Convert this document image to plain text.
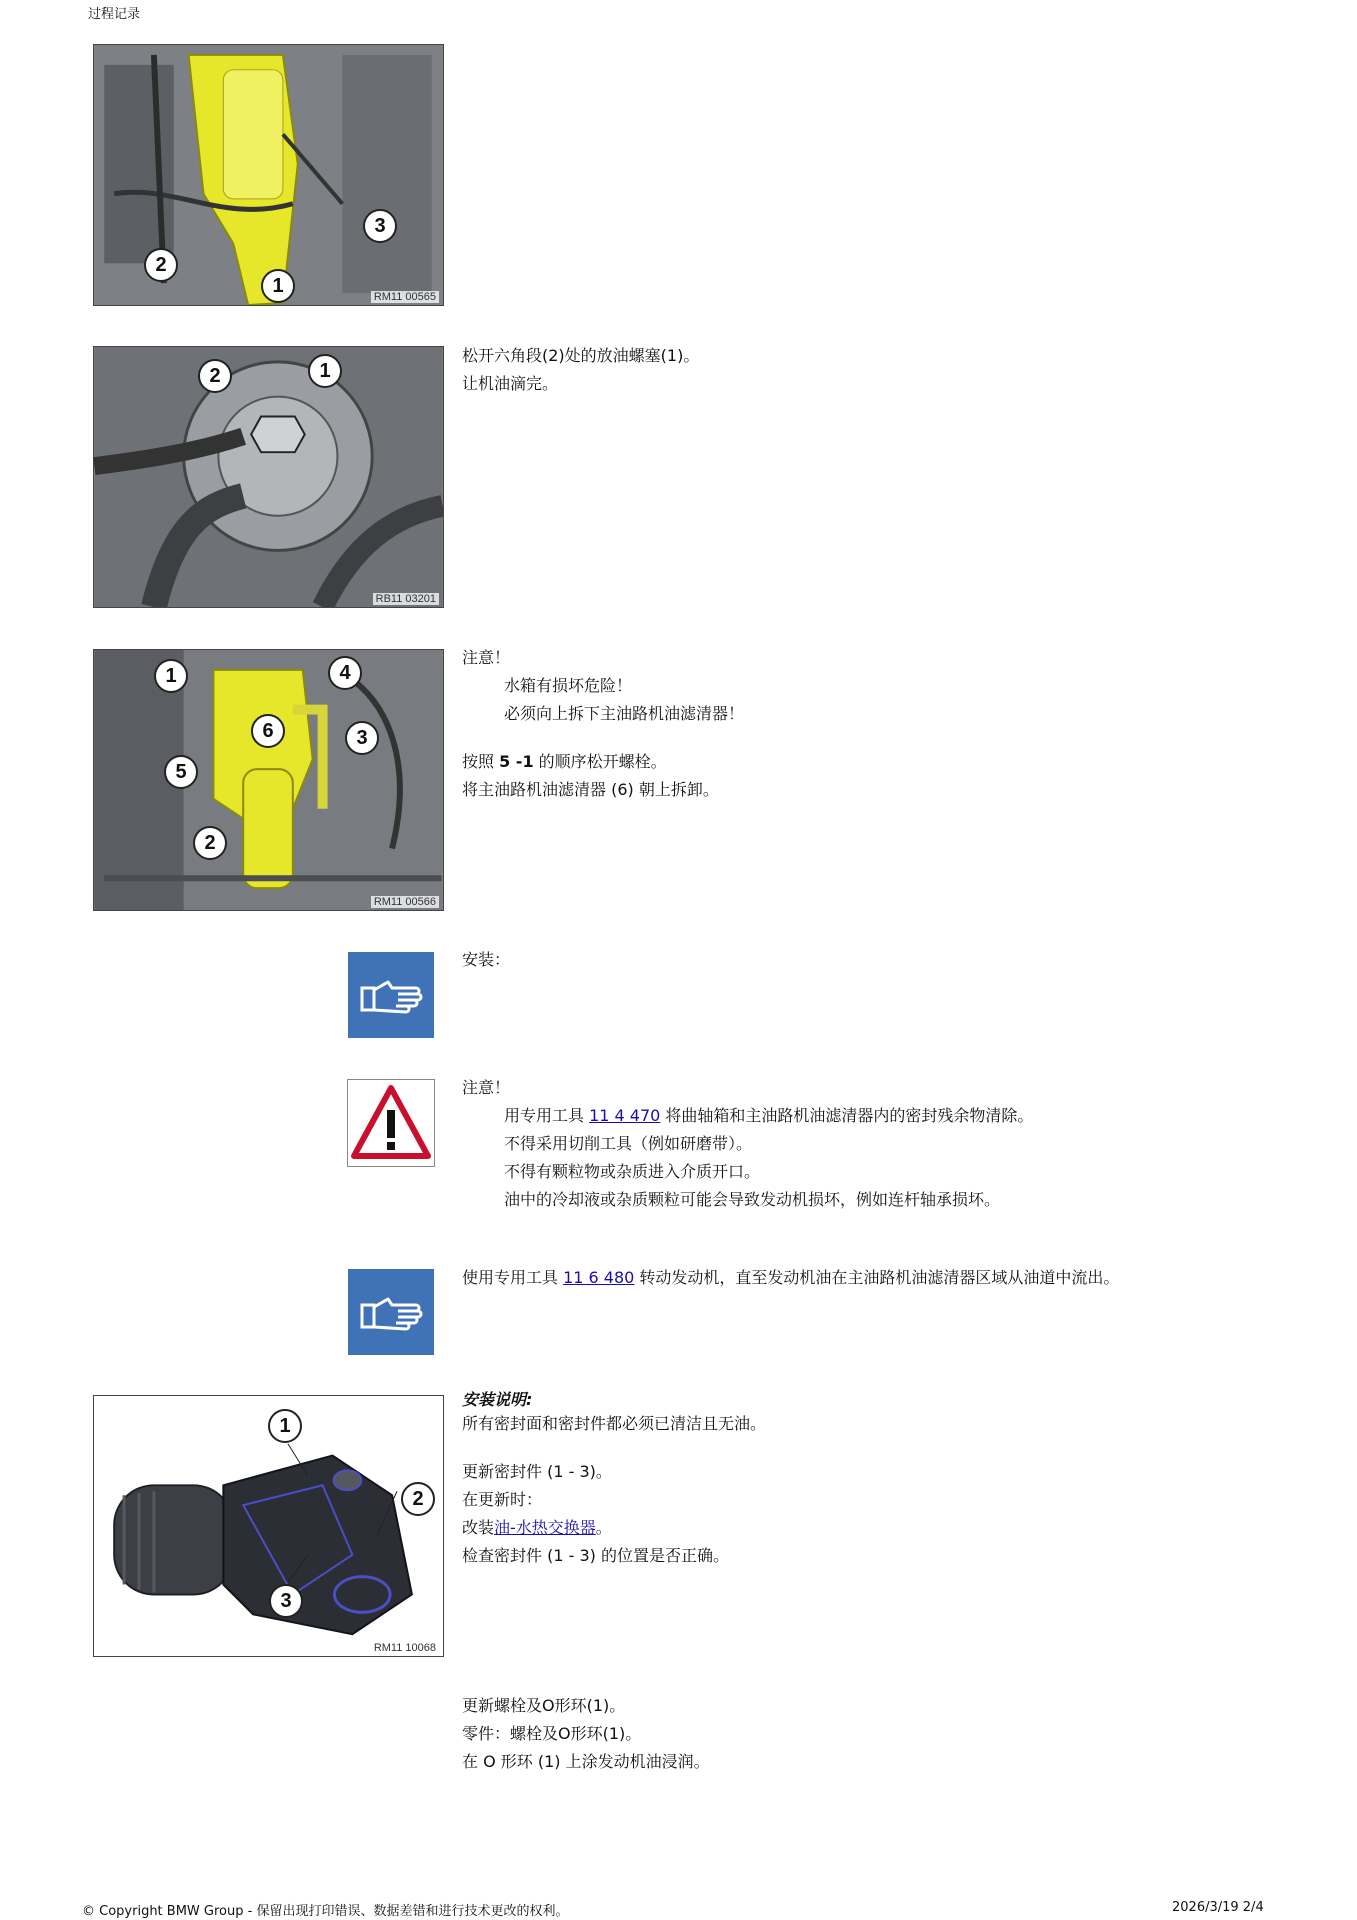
过程记录
3
2
1
RM11 00565
2	1
RB11 03201
松开六角段(2)处的放油螺塞(1)。
让机油滴完。
1	4
6
5
3
2
RM11 00566
注意！
水箱有损坏危险！
必须向上拆下主油路机油滤清器！
按照 5 -1 的顺序松开螺栓。
将主油路机油滤清器 (6) 朝上拆卸。
安装：
注意！
用专用工具 11 4 470 将曲轴箱和主油路机油滤清器内的密封残余物清除。
不得采用切削工具（例如研磨带）。
不得有颗粒物或杂质进入介质开口。
油中的冷却液或杂质颗粒可能会导致发动机损坏，例如连杆轴承损坏。
使用专用工具 11 6 480 转动发动机，直至发动机油在主油路机油滤清器区域从油道中流出。
1
2
3
RM11 10068
安装说明:
所有密封面和密封件都必须已清洁且无油。
更新密封件 (1 - 3)。
在更新时：
改装油-水热交换器。
检查密封件 (1 - 3) 的位置是否正确。
更新螺栓及O形环(1)。
零件：螺栓及O形环(1)。
在 O 形环 (1) 上涂发动机油浸润。
© Copyright BMW Group - 保留出现打印错误、数据差错和进行技术更改的权利。	2026/3/19 2/4
